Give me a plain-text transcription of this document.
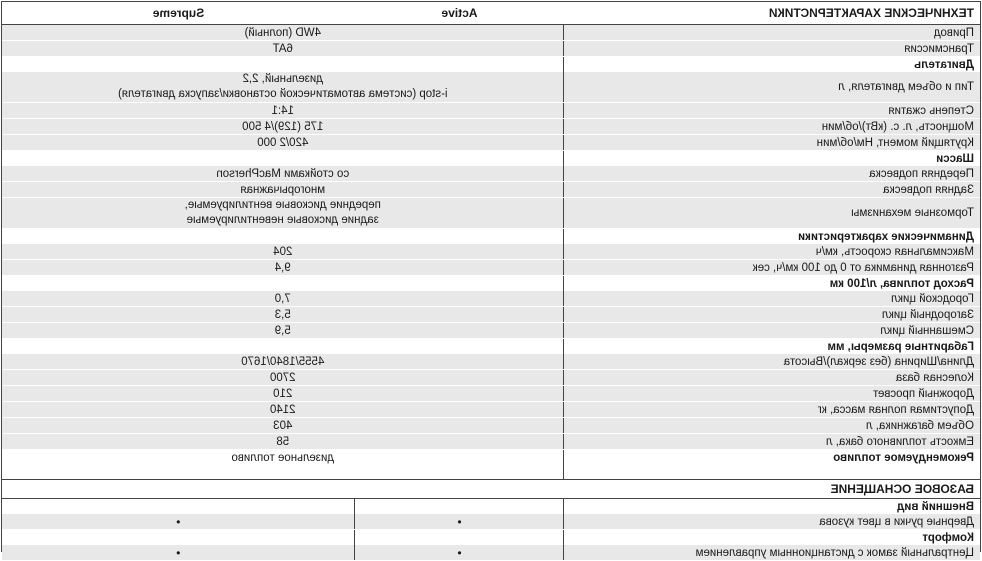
ТЕХНИЧЕСКИЕ ХАРАКТЕРИСТИКИ	Active	Supreme
Привод	4WD (полный)	
Трансмиссия	6AT	
Двигатель		
Тип и объем двигателя, л	дизельный, 2,2
i-stop (система автоматической остановки/запуска двигателя)	

Степень сжатия	14:1	
Мощность, л. с. (кВт)/об/мин	175 (129)/4 500	
Крутящий момент, Нм/об/мин	420/2 000	
Шасси		
Передняя подвеска	со стойками MacPherson	
Задняя подвеска	многорычажная	
Тормозные механизмы	передние дисковые вентилируемые,
задние дисковые невентилируемые	

Динамические характеристики		
Максимальная скорость, км/ч	204	
Разгонная динамика от 0 до 100 км/ч, сек	9,4	
Расход топлива, л/100 км		
Городской цикл	7,0	
Загородный цикл	5,3	
Смешанный цикл	5,9	
Габаритные размеры, мм		
Длина/Ширина (без зеркал)/Высота	4555/1840/1670	
Колесная база	2700	
Дорожный просвет	210	
Допустимая полная масса, кг	2140	
Объем багажника, л	403	
Емкость топливного бака, л	58	
Рекомендуемое топливо	дизельное топливо	

БАЗОВОЕ ОСНАЩЕНИЕ		
Внешний вид		
Дверные ручки в цвет кузова	•	•
Комфорт		
Центральный замок с дистанционным управлением	•	•
